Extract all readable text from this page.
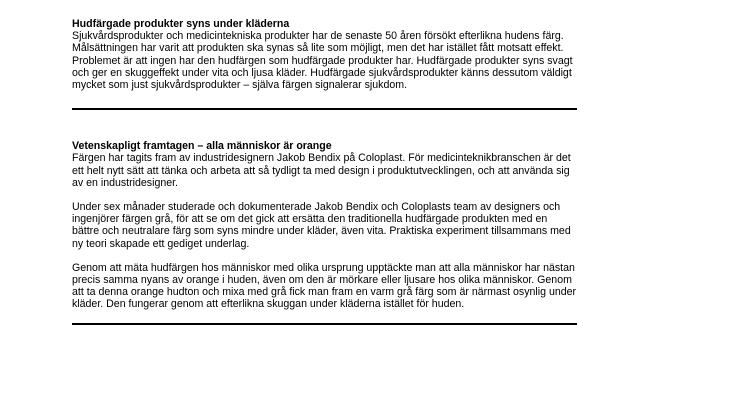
Hudfärgade produkter syns under kläderna

Sjukvårdsprodukter och medicintekniska produkter har de senaste 50 åren försökt efterlikna hudens färg. Målsättningen har varit att produkten ska synas så lite som möjligt, men det har istället fått motsatt effekt. Problemet är att ingen har den hudfärgen som hudfärgade produkter har. Hudfärgade produkter syns svagt och ger en skuggeffekt under vita och ljusa kläder. Hudfärgade sjukvårdsprodukter känns dessutom väldigt mycket som just sjukvårdsprodukter – själva färgen signalerar sjukdom.

Vetenskapligt framtagen – alla människor är orange

Färgen har tagits fram av industridesignern Jakob Bendix på Coloplast. För medicinteknikbranschen är det ett helt nytt sätt att tänka och arbeta att så tydligt ta med design i produktutvecklingen, och att använda sig av en industridesigner.

Under sex månader studerade och dokumenterade Jakob Bendix och Coloplasts team av designers och ingenjörer färgen grå, för att se om det gick att ersätta den traditionella hudfärgade produkten med en bättre och neutralare färg som syns mindre under kläder, även vita. Praktiska experiment tillsammans med ny teori skapade ett gediget underlag.

Genom att mäta hudfärgen hos människor med olika ursprung upptäckte man att alla människor har nästan precis samma nyans av orange i huden, även om den är mörkare eller ljusare hos olika människor. Genom att ta denna orange hudton och mixa med grå fick man fram en varm grå färg som är närmast osynlig under kläder. Den fungerar genom att efterlikna skuggan under kläderna istället för huden.
